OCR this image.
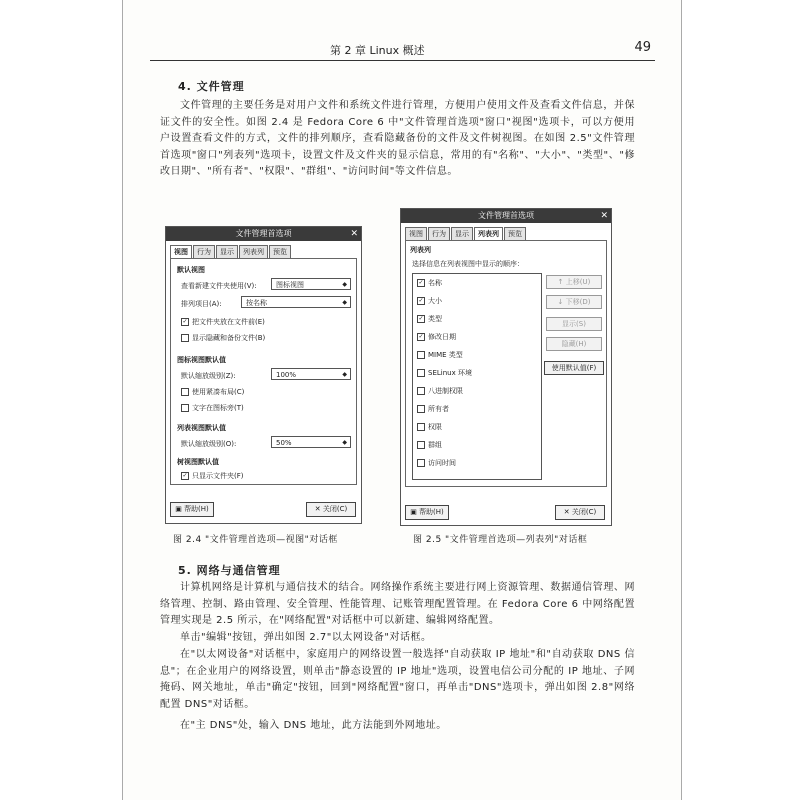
第 2 章 Linux 概述	49
4. 文件管理
文件管理的主要任务是对用户文件和系统文件进行管理，方便用户使用文件及查看文件信息，并保证文件的安全性。如图 2.4 是 Fedora Core 6 中"文件管理首选项"窗口"视图"选项卡，可以方便用户设置查看文件的方式，文件的排列顺序，查看隐藏备份的文件及文件树视图。在如图 2.5"文件管理首选项"窗口"列表列"选项卡，设置文件及文件夹的显示信息，常用的有"名称"、"大小"、"类型"、"修改日期"、"所有者"、"权限"、"群组"、"访问时间"等文件信息。
文件管理首选项	✕
视图	行为	显示	列表列	预览
默认视图
查看新建文件夹使用(V):	图标视图	◆
排列项目(A):	按名称	◆
✓ 把文件夹放在文件前(E)
显示隐藏和备份文件(B)
图标视图默认值
默认缩放级别(Z):	100%	◆
使用紧凑布局(C)
文字在图标旁(T)
列表视图默认值
默认缩放级别(O):	50%	◆
树视图默认值
✓ 只显示文件夹(F)
▣ 帮助(H)	✕ 关闭(C)
文件管理首选项	✕
视图	行为	显示	列表列	预览
列表列
选择信息在列表视图中显示的顺序：
✓ 名称
✓ 大小
✓ 类型
✓ 修改日期
MIME 类型
SELinux 环境
八进制权限
所有者
权限
群组
访问时间
↑ 上移(U)
↓ 下移(D)
显示(S)
隐藏(H)
使用默认值(F)
▣ 帮助(H)	✕ 关闭(C)
图 2.4 "文件管理首选项—视图"对话框	图 2.5 "文件管理首选项—列表列"对话框
5. 网络与通信管理
计算机网络是计算机与通信技术的结合。网络操作系统主要进行网上资源管理、数据通信管理、网络管理、控制、路由管理、安全管理、性能管理、记账管理配置管理。在 Fedora Core 6 中网络配置管理实现是 2.5 所示，在"网络配置"对话框中可以新建、编辑网络配置。
单击"编辑"按钮，弹出如图 2.7"以太网设备"对话框。
在"以太网设备"对话框中，家庭用户的网络设置一般选择"自动获取 IP 地址"和"自动获取 DNS 信息"；在企业用户的网络设置，则单击"静态设置的 IP 地址"选项，设置电信公司分配的 IP 地址、子网掩码、网关地址，单击"确定"按钮，回到"网络配置"窗口，再单击"DNS"选项卡，弹出如图 2.8"网络配置 DNS"对话框。
在"主 DNS"处，输入 DNS 地址，此方法能到外网地址。
